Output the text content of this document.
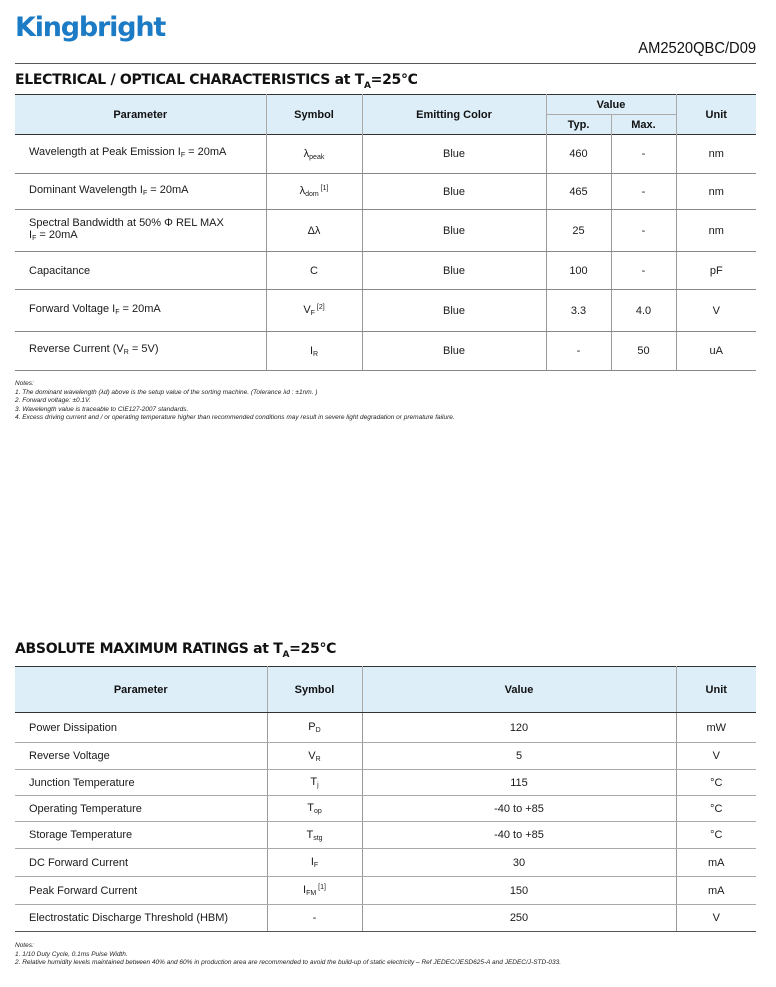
Kingbright
AM2520QBC/D09
ELECTRICAL / OPTICAL CHARACTERISTICS at $T_A=25^\circ C$
Parameter	Symbol	Emitting Color	Value		Unit
			Typ.	Max.	
Wavelength at Peak Emission $I_F = 20mA$	$\lambda_{peak}$	Blue	460	-	nm
Dominant Wavelength $I_F = 20mA$	$\lambda_{dom}$ [1]	Blue	465	-	nm
Spectral Bandwidth at 50% Φ REL MAX
$I_F = 20mA$	Δλ	Blue	25	-	nm
Capacitance	C	Blue	100	-	pF
Forward Voltage $I_F = 20mA$	$V_F$ [2]	Blue	3.3	4.0	V
Reverse Current $(V_R = 5V)$	$I_R$	Blue	-	50	uA
Notes:
1. The dominant wavelength (λd) above is the setup value of the sorting machine. (Tolerance λd : ±1nm. )
2. Forward voltage: ±0.1V.
3. Wavelength value is traceable to CIE127-2007 standards.
4. Excess driving current and / or operating temperature higher than recommended conditions may result in severe light degradation or premature failure.
ABSOLUTE MAXIMUM RATINGS at $T_A=25^\circ C$
Parameter	Symbol	Value	Unit
Power Dissipation	$P_D$	120	mW
Reverse Voltage	$V_R$	5	V
Junction Temperature	$T_j$	115	°C
Operating Temperature	$T_{op}$	-40 to +85	°C
Storage Temperature	$T_{stg}$	-40 to +85	°C
DC Forward Current	$I_F$	30	mA
Peak Forward Current	$I_{FM}$ [1]	150	mA
Electrostatic Discharge Threshold (HBM)	-	250	V
Notes:
1. 1/10 Duty Cycle, 0.1ms Pulse Width.
2. Relative humidity levels maintained between 40% and 60% in production area are recommended to avoid the build-up of static electricity – Ref JEDEC/JESD625-A and JEDEC/J-STD-033.
